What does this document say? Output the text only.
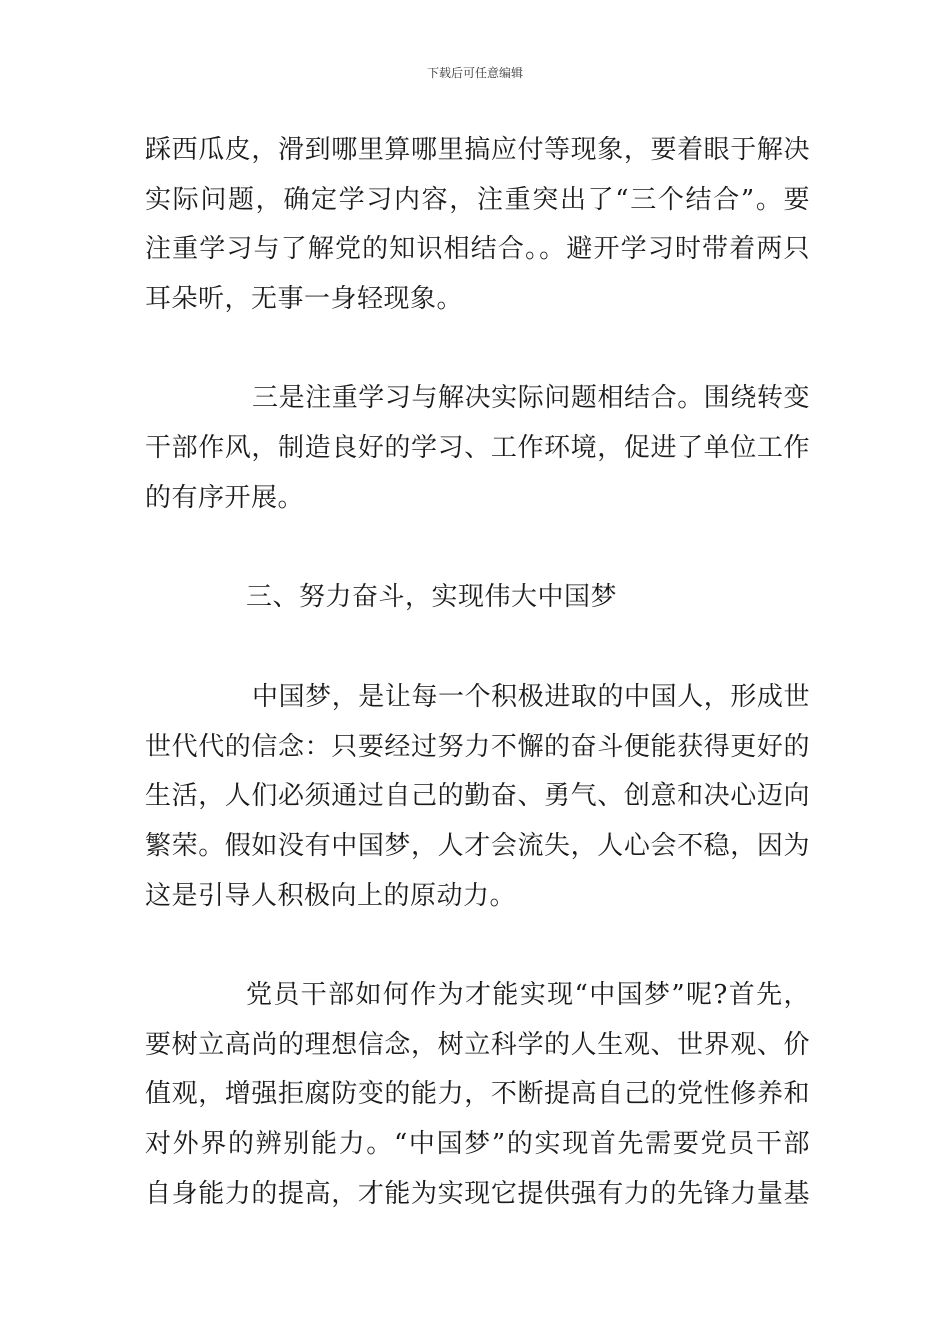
下载后可任意编辑
踩西瓜皮，滑到哪里算哪里搞应付等现象，要着眼于解决
实际问题，确定学习内容，注重突出了“三个结合”。要
注重学习与了解党的知识相结合。。避开学习时带着两只
耳朵听，无事一身轻现象。
三是注重学习与解决实际问题相结合。围绕转变
干部作风，制造良好的学习、工作环境，促进了单位工作
的有序开展。
三、努力奋斗，实现伟大中国梦
中国梦，是让每一个积极进取的中国人，形成世
世代代的信念：只要经过努力不懈的奋斗便能获得更好的
生活，人们必须通过自己的勤奋、勇气、创意和决心迈向
繁荣。假如没有中国梦，人才会流失，人心会不稳，因为
这是引导人积极向上的原动力。
党员干部如何作为才能实现“中国梦”呢?首先，
要树立高尚的理想信念，树立科学的人生观、世界观、价
值观，增强拒腐防变的能力，不断提高自己的党性修养和
对外界的辨别能力。“中国梦”的实现首先需要党员干部
自身能力的提高，才能为实现它提供强有力的先锋力量基
